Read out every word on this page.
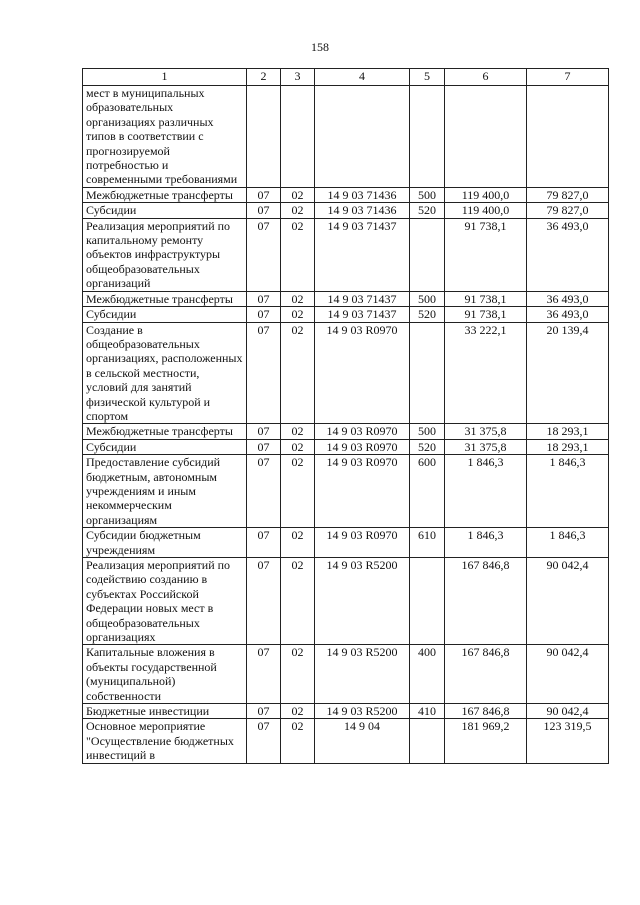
158
1	2	3	4	5	6	7
мест в муниципальных образовательных организациях различных типов в соответствии с прогнозируемой потребностью и современными требованиями						
Межбюджетные трансферты	07	02	14 9 03 71436	500	119 400,0	79 827,0
Субсидии	07	02	14 9 03 71436	520	119 400,0	79 827,0
Реализация мероприятий по капитальному ремонту объектов инфраструктуры общеобразовательных организаций	07	02	14 9 03 71437		91 738,1	36 493,0
Межбюджетные трансферты	07	02	14 9 03 71437	500	91 738,1	36 493,0
Субсидии	07	02	14 9 03 71437	520	91 738,1	36 493,0
Создание в общеобразовательных организациях, расположенных в сельской местности, условий для занятий физической культурой и спортом	07	02	14 9 03 R0970		33 222,1	20 139,4
Межбюджетные трансферты	07	02	14 9 03 R0970	500	31 375,8	18 293,1
Субсидии	07	02	14 9 03 R0970	520	31 375,8	18 293,1
Предоставление субсидий бюджетным, автономным учреждениям и иным некоммерческим организациям	07	02	14 9 03 R0970	600	1 846,3	1 846,3
Субсидии бюджетным учреждениям	07	02	14 9 03 R0970	610	1 846,3	1 846,3
Реализация мероприятий по содействию созданию в субъектах Российской Федерации новых мест в общеобразовательных организациях	07	02	14 9 03 R5200		167 846,8	90 042,4
Капитальные вложения в объекты государственной (муниципальной) собственности	07	02	14 9 03 R5200	400	167 846,8	90 042,4
Бюджетные инвестиции	07	02	14 9 03 R5200	410	167 846,8	90 042,4
Основное мероприятие "Осуществление бюджетных инвестиций в	07	02	14 9 04		181 969,2	123 319,5
